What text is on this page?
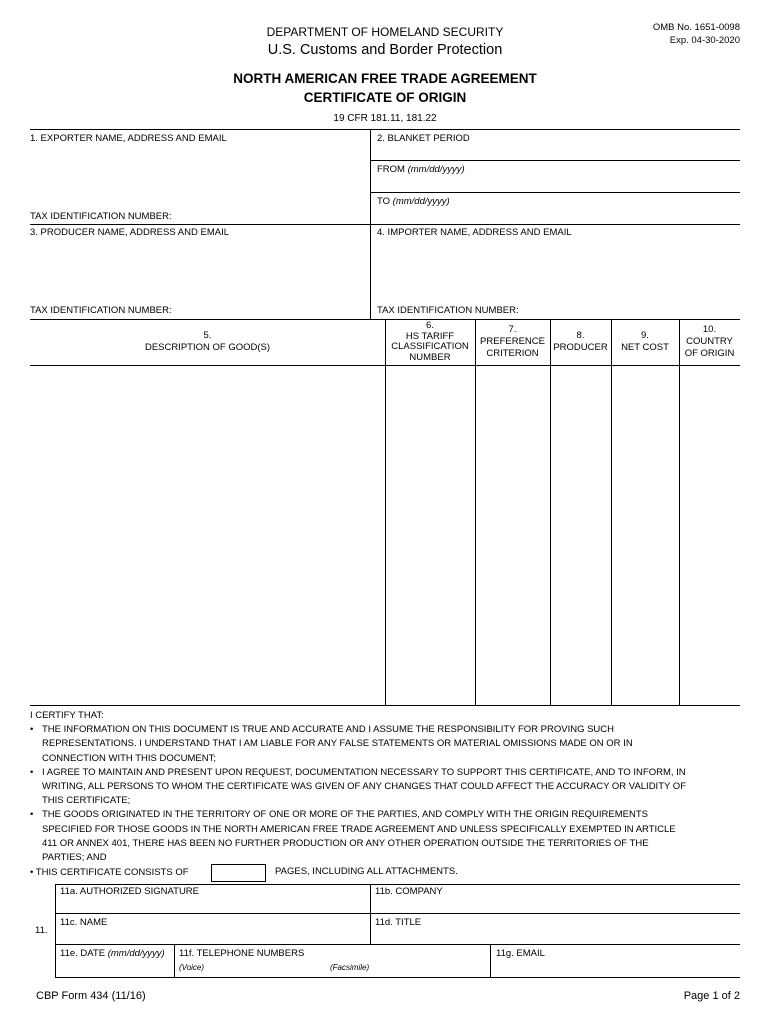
DEPARTMENT OF HOMELAND SECURITY
U.S. Customs and Border Protection
OMB No. 1651-0098
Exp. 04-30-2020
NORTH AMERICAN FREE TRADE AGREEMENT
CERTIFICATE OF ORIGIN
19 CFR 181.11, 181.22
1. EXPORTER NAME, ADDRESS AND EMAIL
TAX IDENTIFICATION NUMBER:
2. BLANKET PERIOD
FROM (mm/dd/yyyy)
TO (mm/dd/yyyy)
3. PRODUCER NAME, ADDRESS AND EMAIL
TAX IDENTIFICATION NUMBER:
4. IMPORTER NAME, ADDRESS AND EMAIL
TAX IDENTIFICATION NUMBER:
5.
DESCRIPTION OF GOOD(S)
6.
HS TARIFF
CLASSIFICATION
NUMBER
7.
PREFERENCE
CRITERION
8.
PRODUCER
9.
NET COST
10.
COUNTRY
OF ORIGIN
I CERTIFY THAT:
• THE INFORMATION ON THIS DOCUMENT IS TRUE AND ACCURATE AND I ASSUME THE RESPONSIBILITY FOR PROVING SUCH
REPRESENTATIONS. I UNDERSTAND THAT I AM LIABLE FOR ANY FALSE STATEMENTS OR MATERIAL OMISSIONS MADE ON OR IN
CONNECTION WITH THIS DOCUMENT;
• I AGREE TO MAINTAIN AND PRESENT UPON REQUEST, DOCUMENTATION NECESSARY TO SUPPORT THIS CERTIFICATE, AND TO INFORM, IN
WRITING, ALL PERSONS TO WHOM THE CERTIFICATE WAS GIVEN OF ANY CHANGES THAT COULD AFFECT THE ACCURACY OR VALIDITY OF
THIS CERTIFICATE;
• THE GOODS ORIGINATED IN THE TERRITORY OF ONE OR MORE OF THE PARTIES, AND COMPLY WITH THE ORIGIN REQUIREMENTS
SPECIFIED FOR THOSE GOODS IN THE NORTH AMERICAN FREE TRADE AGREEMENT AND UNLESS SPECIFICALLY EXEMPTED IN ARTICLE
411 OR ANNEX 401, THERE HAS BEEN NO FURTHER PRODUCTION OR ANY OTHER OPERATION OUTSIDE THE TERRITORIES OF THE
PARTIES; AND
• THIS CERTIFICATE CONSISTS OF	PAGES, INCLUDING ALL ATTACHMENTS.
11.
11a. AUTHORIZED SIGNATURE	11b. COMPANY
11c. NAME	11d. TITLE
11e. DATE (mm/dd/yyyy) 11f. TELEPHONE NUMBERS
(Voice)	(Facsimile)
11g. EMAIL
CBP Form 434 (11/16)	Page 1 of 2
